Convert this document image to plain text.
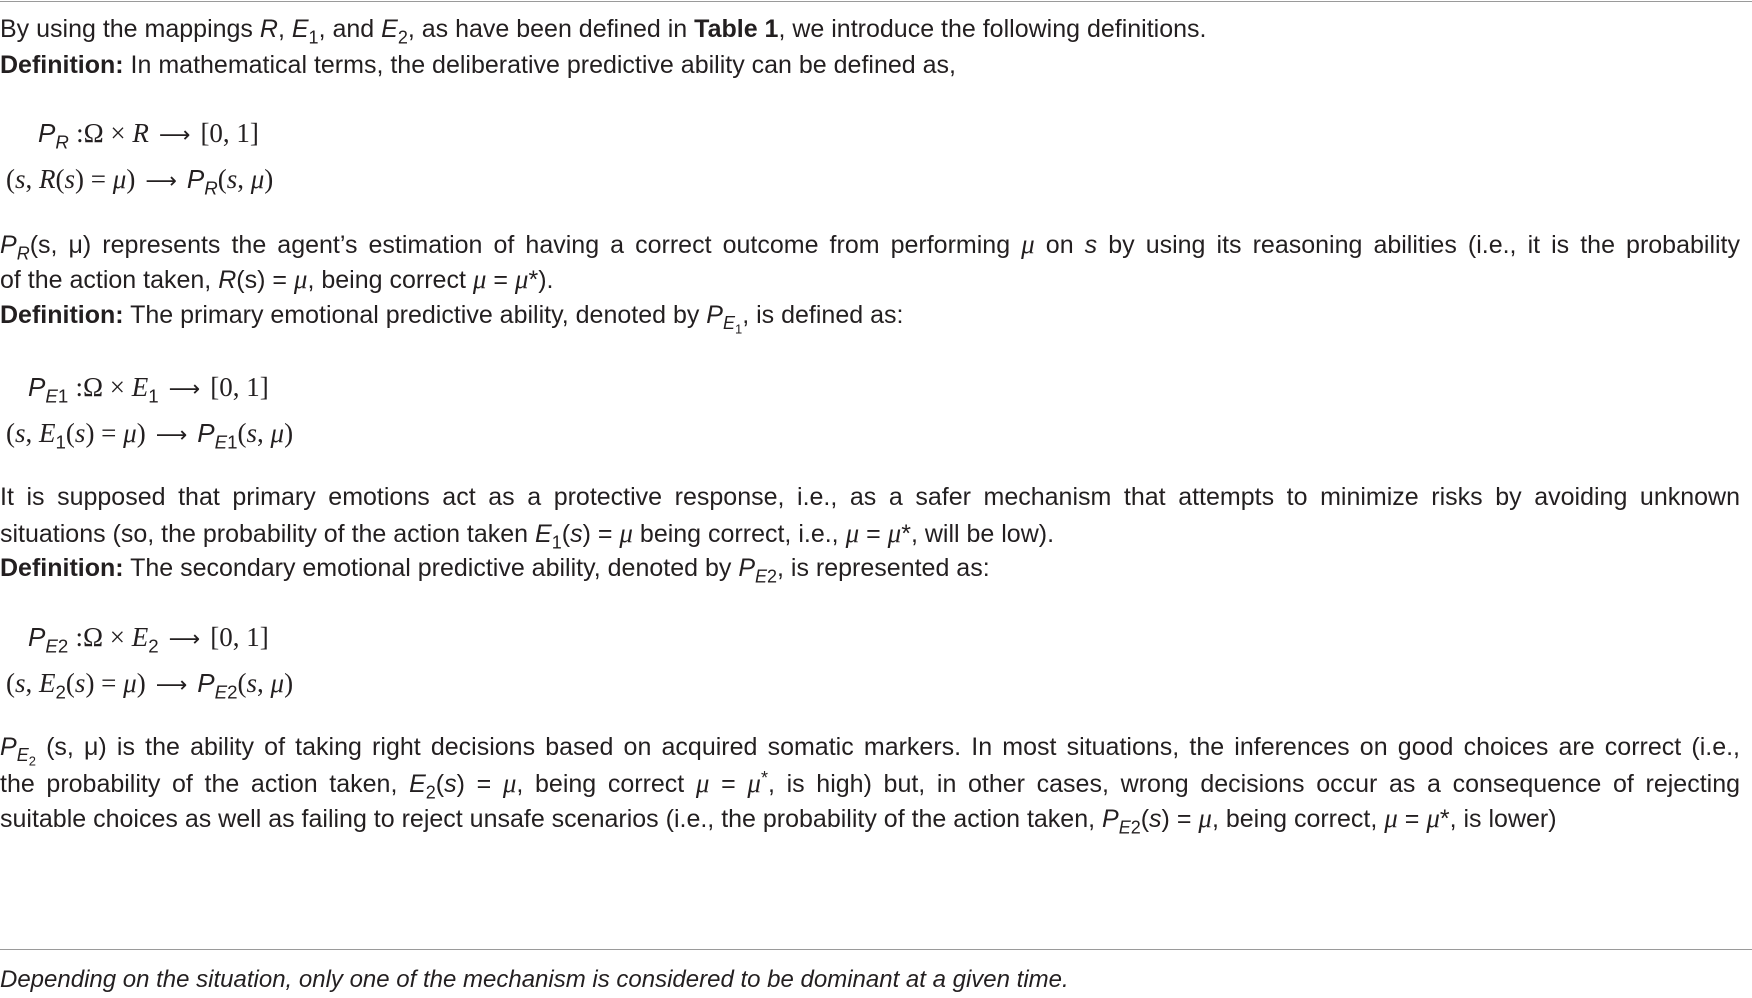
By using the mappings R, $E_1$, and $E_2$, as have been defined in Table 1, we introduce the following definitions.
Definition: In mathematical terms, the deliberative predictive ability can be defined as,
$P_R$ :Ω × R ⟶ [0, 1]
(s, R(s) = μ) ⟶ $P_R(s$, μ)
$P_R(s$, μ) represents the agent’s estimation of having a correct outcome from performing μ on s by using its reasoning abilities (i.e., it is the probability
of the action taken, R(s) = μ, being correct μ = μ*).
Definition: The primary emotional predictive ability, denoted by $P_{E_1}$, is defined as:
$P_{E1}$ :Ω × $E_1$ ⟶ [0, 1]
(s, $E_1(s) = \mu$) ⟶ $P_{E1}(s$, μ)
It is supposed that primary emotions act as a protective response, i.e., as a safer mechanism that attempts to minimize risks by avoiding unknown
situations (so, the probability of the action taken $E_1(s) = \mu$ being correct, i.e., μ = μ*, will be low).
Definition: The secondary emotional predictive ability, denoted by $P_{E2}$, is represented as:
$P_{E2}$ :Ω × $E_2$ ⟶ [0, 1]
(s, $E_2(s) = \mu$) ⟶ $P_{E2}(s$, μ)
$P_{E_2}$ (s, μ) is the ability of taking right decisions based on acquired somatic markers. In most situations, the inferences on good choices are correct (i.e.,
the probability of the action taken, $E_2(s) = \mu$, being correct μ = μ*, is high) but, in other cases, wrong decisions occur as a consequence of rejecting
suitable choices as well as failing to reject unsafe scenarios (i.e., the probability of the action taken, $P_{E2}(s) = \mu$, being correct, μ = μ*, is lower)
Depending on the situation, only one of the mechanism is considered to be dominant at a given time.
